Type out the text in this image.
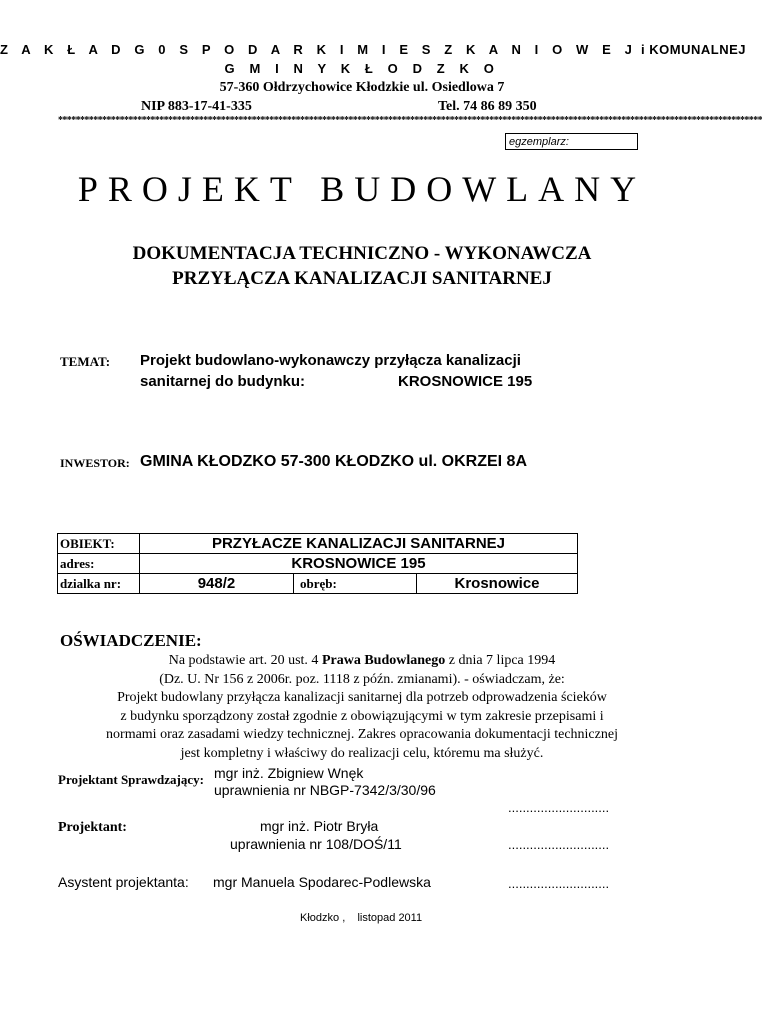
Z A K Ł A D G 0 S P O D A R K I M I E S Z K A N I O W E J i KOMUNALNEJ
G M I N Y K Ł O D Z K O
57-360 Ołdrzychowice Kłodzkie ul. Osiedlowa 7
NIP 883-17-41-335	Tel. 74 86 89 350
****************************************************************************************************************************************************************
egzemplarz:
PROJEKT BUDOWLANY
DOKUMENTACJA TECHNICZNO - WYKONAWCZA
PRZYŁĄCZA KANALIZACJI SANITARNEJ
TEMAT: Projekt budowlano-wykonawczy przyłącza kanalizacji
sanitarnej do budynku:	KROSNOWICE 195
INWESTOR: GMINA KŁODZKO 57-300 KŁODZKO ul. OKRZEI 8A
OBIEKT:	PRZYŁACZE KANALIZACJI SANITARNEJ
adres:	KROSNOWICE 195
dzialka nr:	948/2	obręb:	Krosnowice
OŚWIADCZENIE:
Na podstawie art. 20 ust. 4 Prawa Budowlanego z dnia 7 lipca 1994
(Dz. U. Nr 156 z 2006r. poz. 1118 z późn. zmianami). - oświadczam, że:
Projekt budowlany przyłącza kanalizacji sanitarnej dla potrzeb odprowadzenia ścieków
z budynku sporządzony został zgodnie z obowiązującymi w tym zakresie przepisami i
normami oraz zasadami wiedzy technicznej. Zakres opracowania dokumentacji technicznej
jest kompletny i właściwy do realizacji celu, któremu ma służyć.
Projektant Sprawdzający: mgr inż. Zbigniew Wnęk
uprawnienia nr NBGP-7342/3/30/96
............................
Projektant:	mgr inż. Piotr Bryła
uprawnienia nr 108/DOŚ/11	............................
Asystent projektanta: mgr Manuela Spodarec-Podlewska	............................
Kłodzko ,    listopad 2011
